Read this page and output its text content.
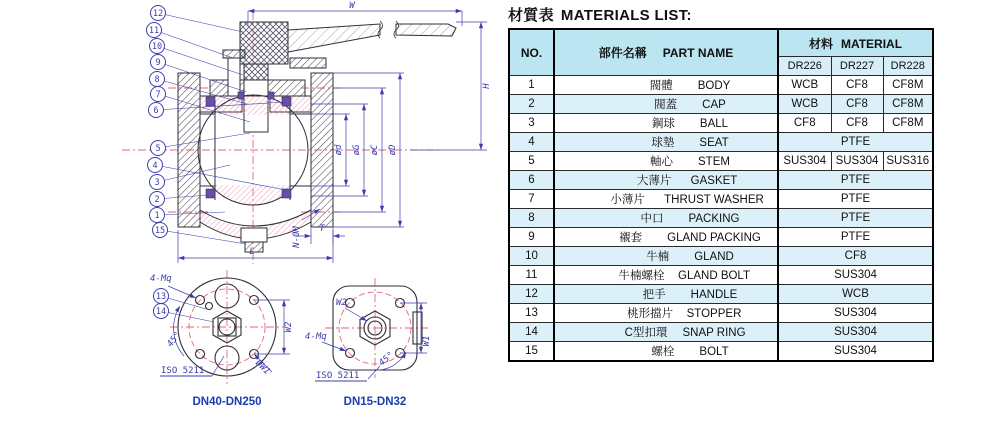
W
H
ød øG øC øD
L
N-ØM T
4-Mq
45°
ISO 5211	ØW1
W2
DN40-DN250
W2
4-Mq
ISO 5211
45°
W1
DN15-DN32
12
11
10
9
8
7
6
5
4
3
2
1
15
13
14
材質表 MATERIALS LIST:
NO.	部件名稱 PART NAME	材料 MATERIAL		
		DR226	DR227	DR228
1	閥體 BODY	WCB	CF8	CF8M
2	閥蓋 CAP	WCB	CF8	CF8M
3	鋼球 BALL	CF8	CF8	CF8M
4	球墊 SEAT	PTFE		
5	軸心 STEM	SUS304	SUS304	SUS316
6	大薄片 GASKET	PTFE		
7	小薄片 THRUST WASHER	PTFE		
8	中口 PACKING	PTFE		
9	襯套 GLAND PACKING	PTFE		
10	牛楠 GLAND	CF8		
11	牛楠螺栓 GLAND BOLT	SUS304		
12	把手 HANDLE	WCB		
13	桃形擋片 STOPPER	SUS304		
14	C型扣環 SNAP RING	SUS304		
15	螺栓 BOLT	SUS304		
